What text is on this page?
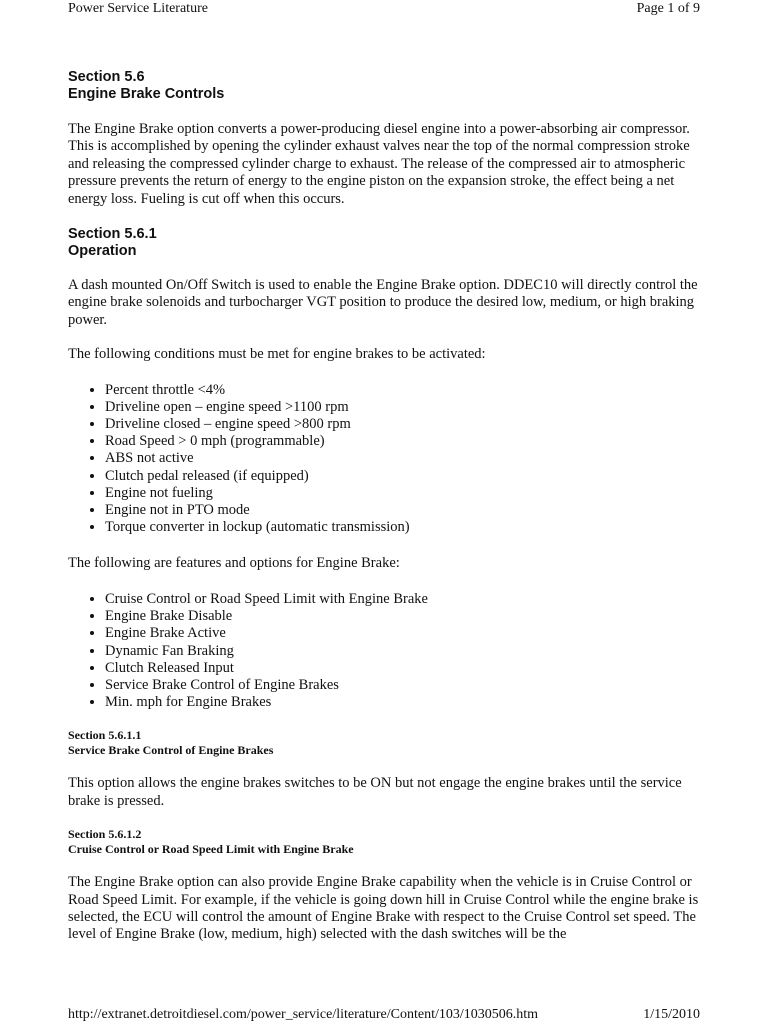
Power Service Literature	Page 1 of 9
Section 5.6
Engine Brake Controls

The Engine Brake option converts a power-producing diesel engine into a power-absorbing air compressor. This is accomplished by opening the cylinder exhaust valves near the top of the normal compression stroke and releasing the compressed cylinder charge to exhaust. The release of the compressed air to atmospheric pressure prevents the return of energy to the engine piston on the expansion stroke, the effect being a net energy loss. Fueling is cut off when this occurs.

Section 5.6.1
Operation

A dash mounted On/Off Switch is used to enable the Engine Brake option. DDEC10 will directly control the engine brake solenoids and turbocharger VGT position to produce the desired low, medium, or high braking power.

The following conditions must be met for engine brakes to be activated:

• Percent throttle <4%
• Driveline open – engine speed >1100 rpm
• Driveline closed – engine speed >800 rpm
• Road Speed > 0 mph (programmable)
• ABS not active
• Clutch pedal released (if equipped)
• Engine not fueling
• Engine not in PTO mode
• Torque converter in lockup (automatic transmission)

The following are features and options for Engine Brake:

• Cruise Control or Road Speed Limit with Engine Brake
• Engine Brake Disable
• Engine Brake Active
• Dynamic Fan Braking
• Clutch Released Input
• Service Brake Control of Engine Brakes
• Min. mph for Engine Brakes
Section 5.6.1.1
Service Brake Control of Engine Brakes

This option allows the engine brakes switches to be ON but not engage the engine brakes until the service brake is pressed.

Section 5.6.1.2
Cruise Control or Road Speed Limit with Engine Brake

The Engine Brake option can also provide Engine Brake capability when the vehicle is in Cruise Control or Road Speed Limit. For example, if the vehicle is going down hill in Cruise Control while the engine brake is selected, the ECU will control the amount of Engine Brake with respect to the Cruise Control set speed. The level of Engine Brake (low, medium, high) selected with the dash switches will be the

http://extranet.detroitdiesel.com/power_service/literature/Content/103/1030506.htm	1/15/2010
